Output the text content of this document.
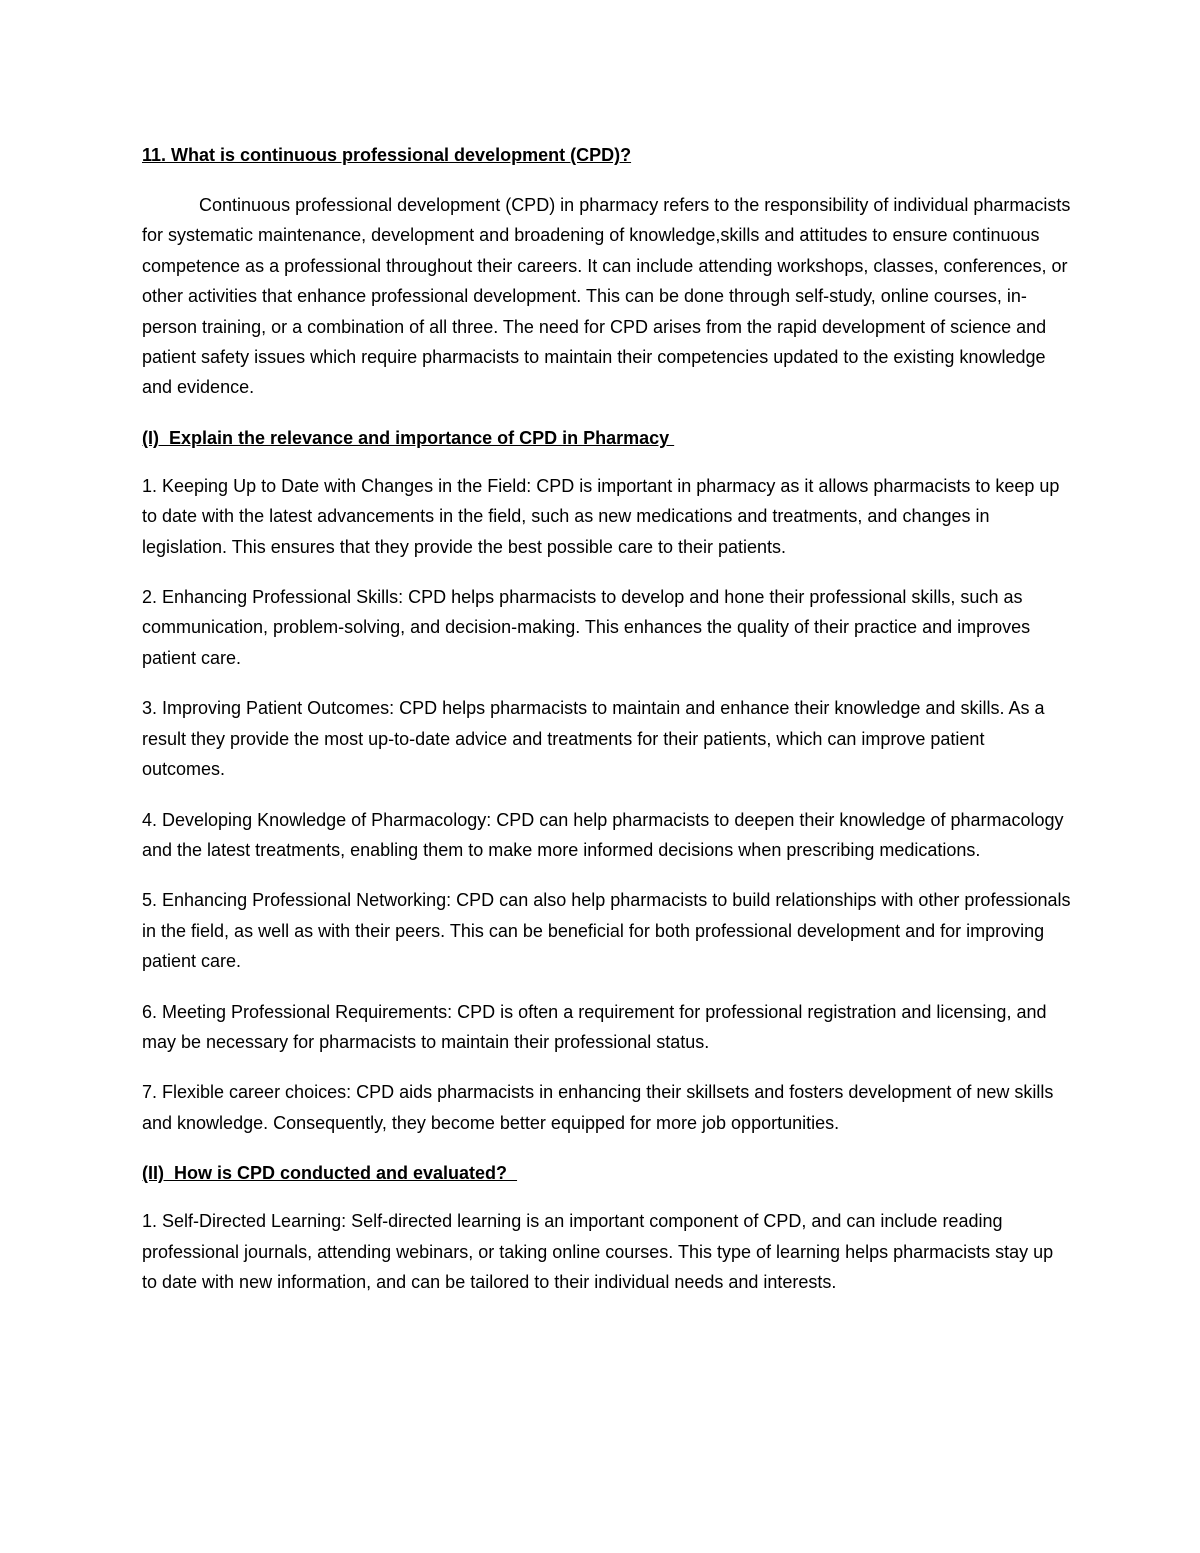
11. What is continuous professional development (CPD)?

Continuous professional development (CPD) in pharmacy refers to the responsibility of individual pharmacists for systematic maintenance, development and broadening of knowledge,skills and attitudes to ensure continuous competence as a professional throughout their careers. It can include attending workshops, classes, conferences, or other activities that enhance professional development. This can be done through self-study, online courses, in-person training, or a combination of all three. The need for CPD arises from the rapid development of science and patient safety issues which require pharmacists to maintain their competencies updated to the existing knowledge and evidence.

(I)  Explain the relevance and importance of CPD in Pharmacy

1. Keeping Up to Date with Changes in the Field: CPD is important in pharmacy as it allows pharmacists to keep up to date with the latest advancements in the field, such as new medications and treatments, and changes in legislation. This ensures that they provide the best possible care to their patients.

2. Enhancing Professional Skills: CPD helps pharmacists to develop and hone their professional skills, such as communication, problem-solving, and decision-making. This enhances the quality of their practice and improves patient care.

3. Improving Patient Outcomes: CPD helps pharmacists to maintain and enhance their knowledge and skills. As a result they provide the most up-to-date advice and treatments for their patients, which can improve patient outcomes.

4. Developing Knowledge of Pharmacology: CPD can help pharmacists to deepen their knowledge of pharmacology and the latest treatments, enabling them to make more informed decisions when prescribing medications.

5. Enhancing Professional Networking: CPD can also help pharmacists to build relationships with other professionals in the field, as well as with their peers. This can be beneficial for both professional development and for improving patient care.

6. Meeting Professional Requirements: CPD is often a requirement for professional registration and licensing, and may be necessary for pharmacists to maintain their professional status.

7. Flexible career choices: CPD aids pharmacists in enhancing their skillsets and fosters development of new skills and knowledge. Consequently, they become better equipped for more job opportunities.

(II)  How is CPD conducted and evaluated?

1. Self-Directed Learning: Self-directed learning is an important component of CPD, and can include reading professional journals, attending webinars, or taking online courses. This type of learning helps pharmacists stay up to date with new information, and can be tailored to their individual needs and interests.
